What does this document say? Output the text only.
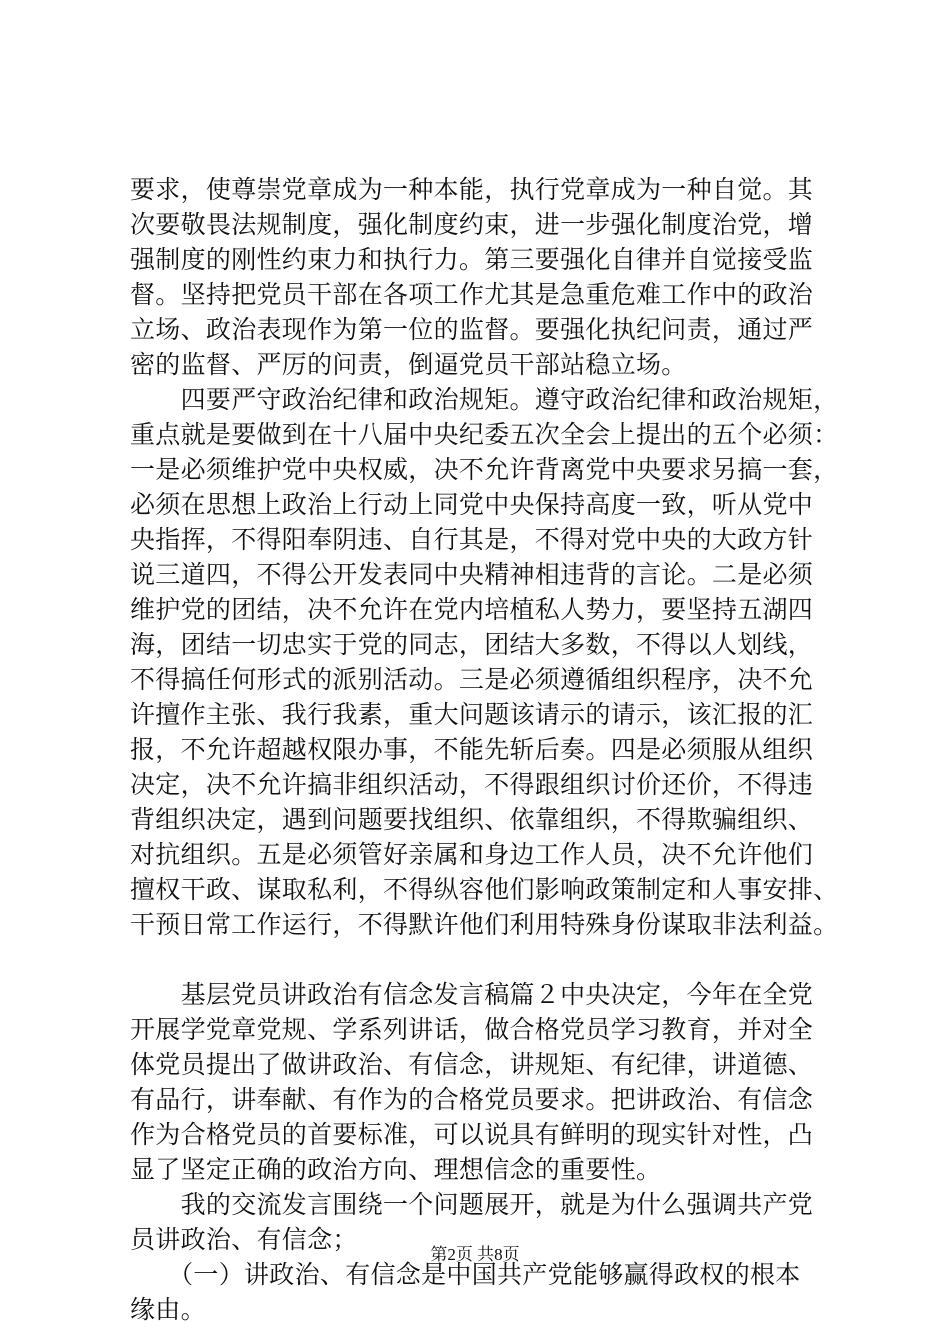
要求，使尊崇党章成为一种本能，执行党章成为一种自觉。其
次要敬畏法规制度，强化制度约束，进一步强化制度治党，增
强制度的刚性约束力和执行力。第三要强化自律并自觉接受监
督。坚持把党员干部在各项工作尤其是急重危难工作中的政治
立场、政治表现作为第一位的监督。要强化执纪问责，通过严
密的监督、严厉的问责，倒逼党员干部站稳立场。
　　四要严守政治纪律和政治规矩。遵守政治纪律和政治规矩，
重点就是要做到在十八届中央纪委五次全会上提出的五个必须：
一是必须维护党中央权威，决不允许背离党中央要求另搞一套，
必须在思想上政治上行动上同党中央保持高度一致，听从党中
央指挥，不得阳奉阴违、自行其是，不得对党中央的大政方针
说三道四，不得公开发表同中央精神相违背的言论。二是必须
维护党的团结，决不允许在党内培植私人势力，要坚持五湖四
海，团结一切忠实于党的同志，团结大多数，不得以人划线，
不得搞任何形式的派别活动。三是必须遵循组织程序，决不允
许擅作主张、我行我素，重大问题该请示的请示，该汇报的汇
报，不允许超越权限办事，不能先斩后奏。四是必须服从组织
决定，决不允许搞非组织活动，不得跟组织讨价还价，不得违
背组织决定，遇到问题要找组织、依靠组织，不得欺骗组织、
对抗组织。五是必须管好亲属和身边工作人员，决不允许他们
擅权干政、谋取私利，不得纵容他们影响政策制定和人事安排、
干预日常工作运行，不得默许他们利用特殊身份谋取非法利益。
　　基层党员讲政治有信念发言稿篇２中央决定，今年在全党
开展学党章党规、学系列讲话，做合格党员学习教育，并对全
体党员提出了做讲政治、有信念，讲规矩、有纪律，讲道德、
有品行，讲奉献、有作为的合格党员要求。把讲政治、有信念
作为合格党员的首要标准，可以说具有鲜明的现实针对性，凸
显了坚定正确的政治方向、理想信念的重要性。
　　我的交流发言围绕一个问题展开，就是为什么强调共产党
员讲政治、有信念；
　　（一）讲政治、有信念是中国共产党能够赢得政权的根本
缘由。
第2页 共8页
